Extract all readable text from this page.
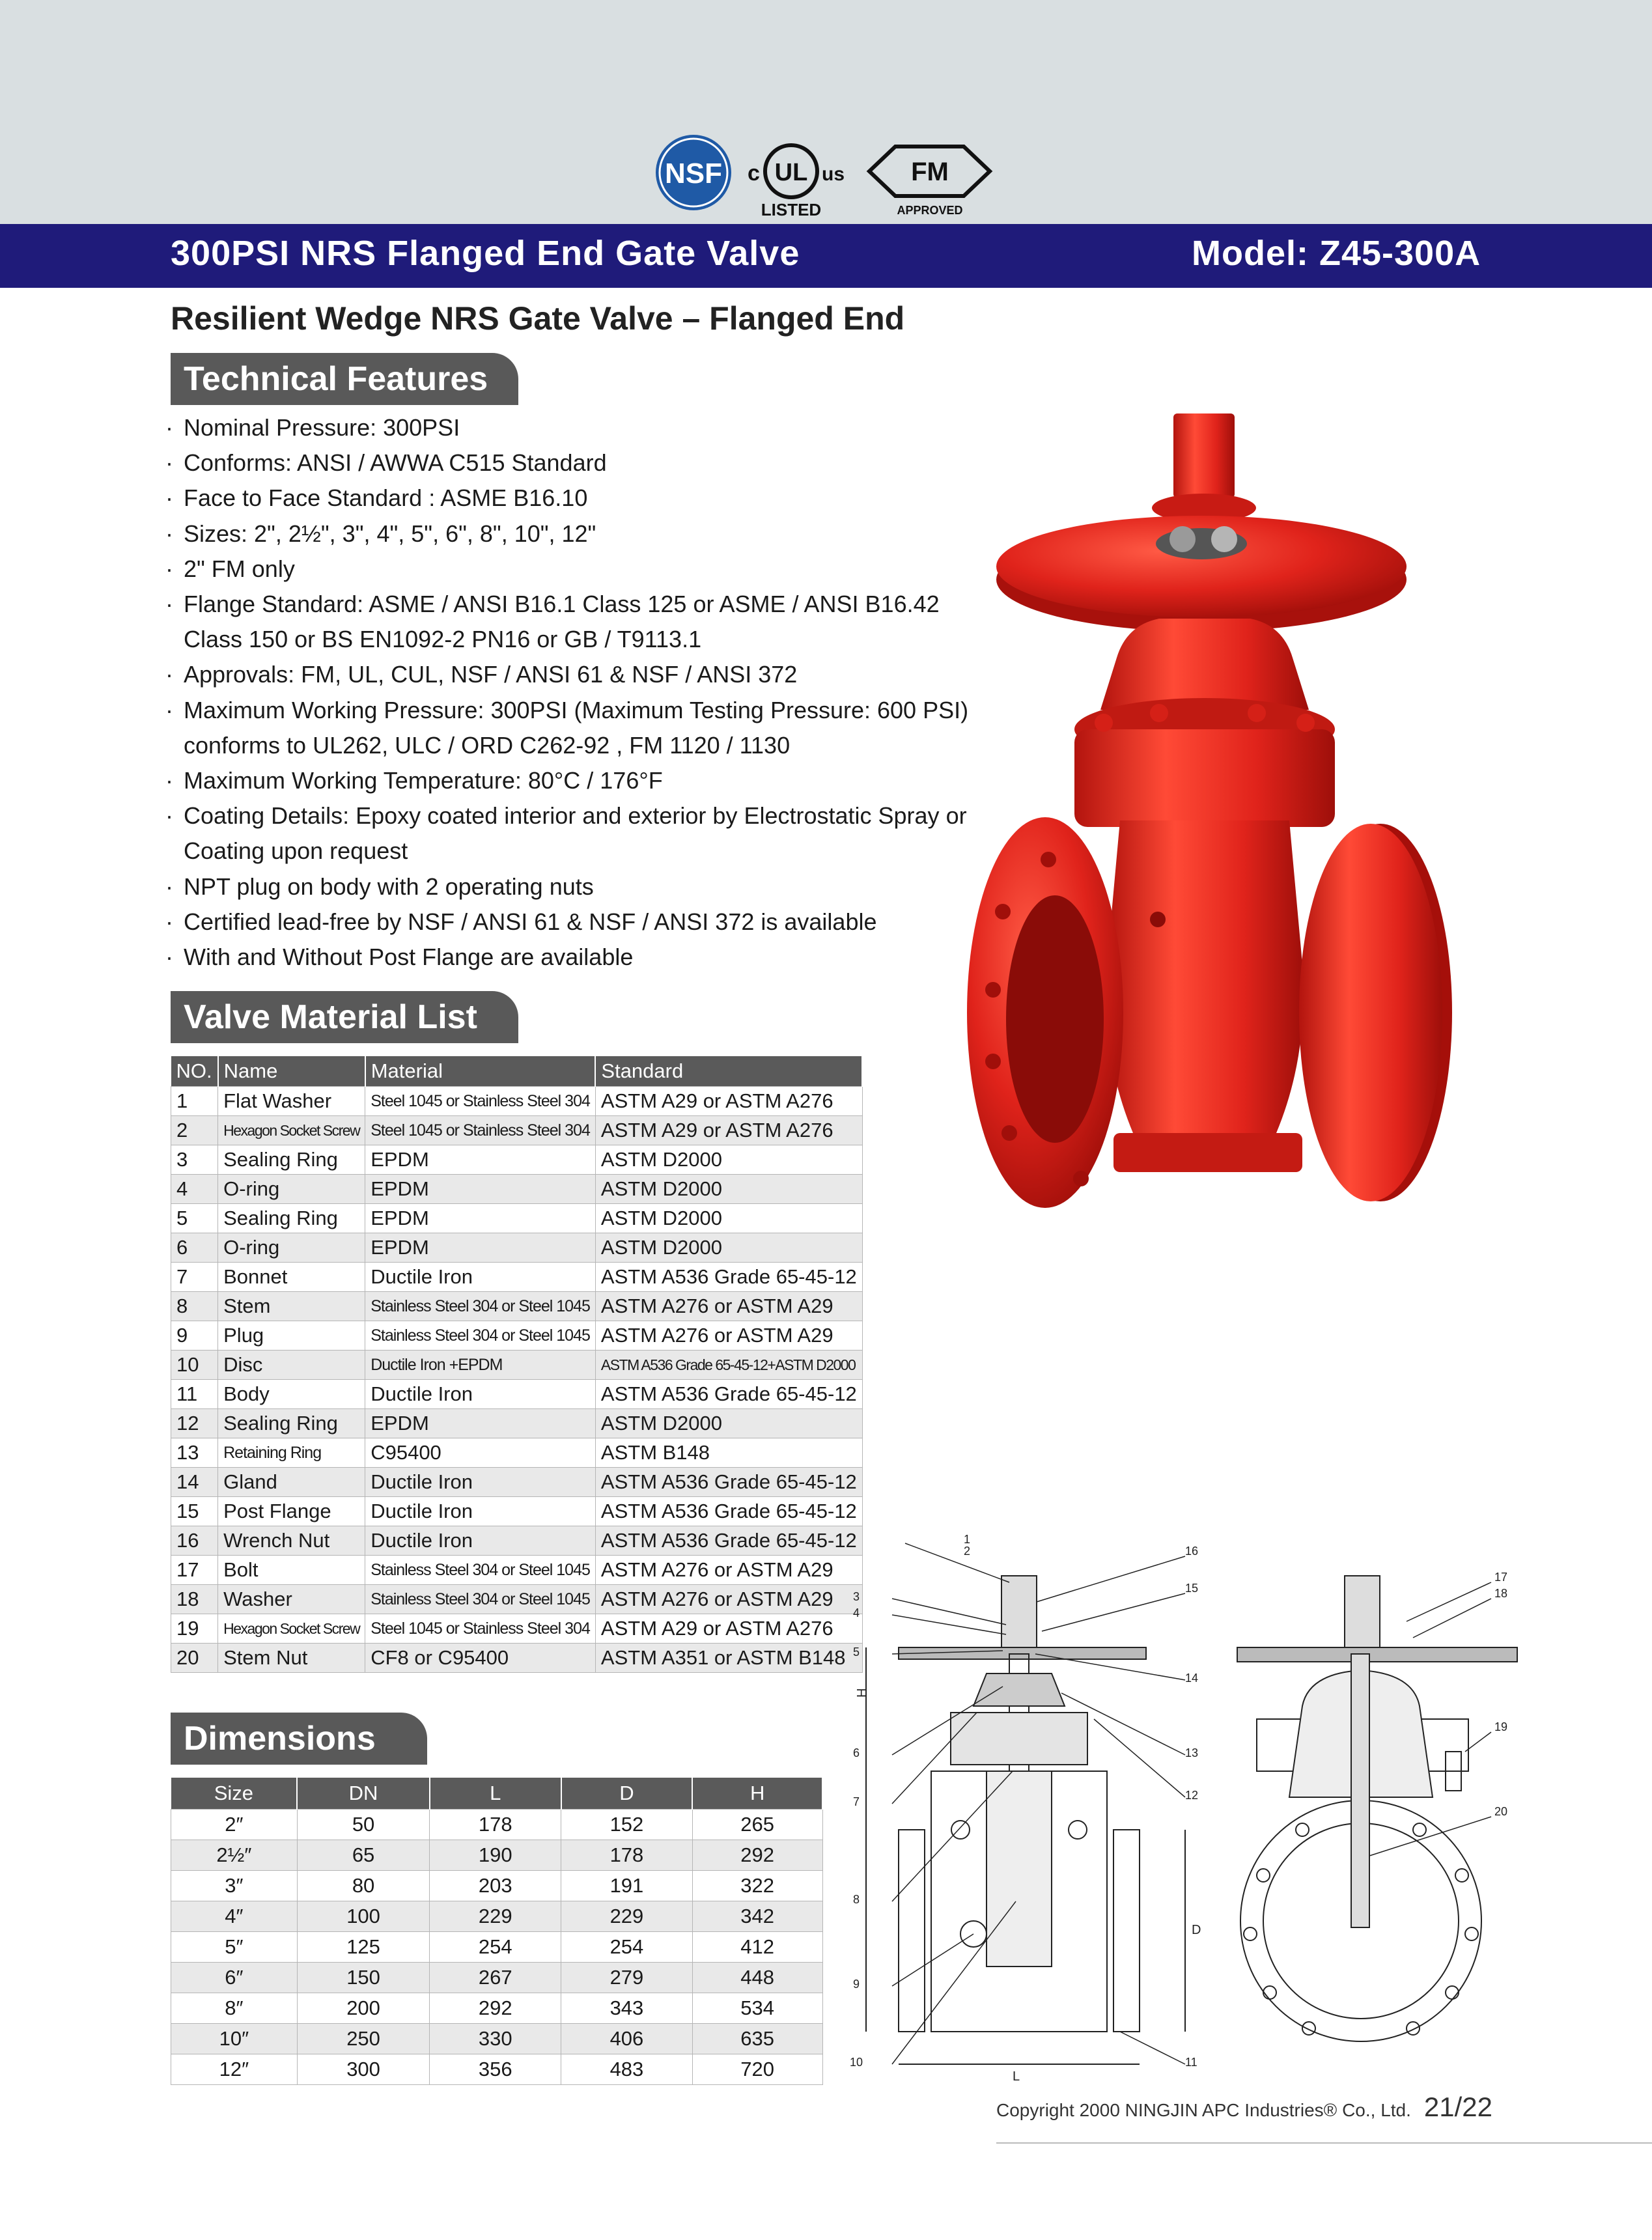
NSF c UL us
LISTED
FM
APPROVED
300PSI NRS Flanged End Gate Valve	Model: Z45-300A
Resilient Wedge NRS Gate Valve – Flanged End
Technical Features
· Nominal Pressure: 300PSI
· Conforms: ANSI / AWWA C515 Standard
· Face to Face Standard : ASME B16.10
· Sizes: 2", 2½", 3", 4", 5", 6", 8", 10", 12"
· 2" FM only
· Flange Standard: ASME / ANSI B16.1 Class 125 or ASME / ANSI B16.42 Class 150 or BS EN1092-2 PN16 or GB / T9113.1
· Approvals: FM, UL, CUL, NSF / ANSI 61 & NSF / ANSI 372
· Maximum Working Pressure: 300PSI (Maximum Testing Pressure: 600 PSI) conforms to UL262, ULC / ORD C262-92 , FM 1120 / 1130
· Maximum Working Temperature: 80°C / 176°F
· Coating Details: Epoxy coated interior and exterior by Electrostatic Spray or Coating upon request
· NPT plug on body with 2 operating nuts
· Certified lead-free by NSF / ANSI 61 & NSF / ANSI 372 is available
· With and Without Post Flange are available
Valve Material List
NO.	Name	Material	Standard
1	Flat Washer	Steel 1045 or Stainless Steel 304	ASTM A29 or ASTM A276
2	Hexagon Socket Screw	Steel 1045 or Stainless Steel 304	ASTM A29 or ASTM A276
3	Sealing Ring	EPDM	ASTM D2000
4	O-ring	EPDM	ASTM D2000
5	Sealing Ring	EPDM	ASTM D2000
6	O-ring	EPDM	ASTM D2000
7	Bonnet	Ductile Iron	ASTM A536 Grade 65-45-12
8	Stem	Stainless Steel 304 or Steel 1045	ASTM A276 or ASTM A29
9	Plug	Stainless Steel 304 or Steel 1045	ASTM A276 or ASTM A29
10	Disc	Ductile Iron +EPDM	ASTM A536 Grade 65-45-12+ASTM D2000
11	Body	Ductile Iron	ASTM A536 Grade 65-45-12
12	Sealing Ring	EPDM	ASTM D2000
13	Retaining Ring	C95400	ASTM B148
14	Gland	Ductile Iron	ASTM A536 Grade 65-45-12
15	Post Flange	Ductile Iron	ASTM A536 Grade 65-45-12
16	Wrench Nut	Ductile Iron	ASTM A536 Grade 65-45-12
17	Bolt	Stainless Steel 304 or Steel 1045	ASTM A276 or ASTM A29
18	Washer	Stainless Steel 304 or Steel 1045	ASTM A276 or ASTM A29
19	Hexagon Socket Screw	Steel 1045 or Stainless Steel 304	ASTM A29 or ASTM A276
20	Stem Nut	CF8 or C95400	ASTM A351 or ASTM B148
Dimensions
Size	DN	L	D	H
2″	50	178	152	265
2½″	65	190	178	292
3″	80	203	191	322
4″	100	229	229	342
5″	125	254	254	412
6″	150	267	279	448
8″	200	292	343	534
10″	250	330	406	635
12″	300	356	483	720
H
D
L
1
2
3
4
5
6
7
8
9
10	11
12
13
14
15
16
17
18
19
20
Copyright 2000 NINGJIN APC Industries® Co., Ltd. 21/22
